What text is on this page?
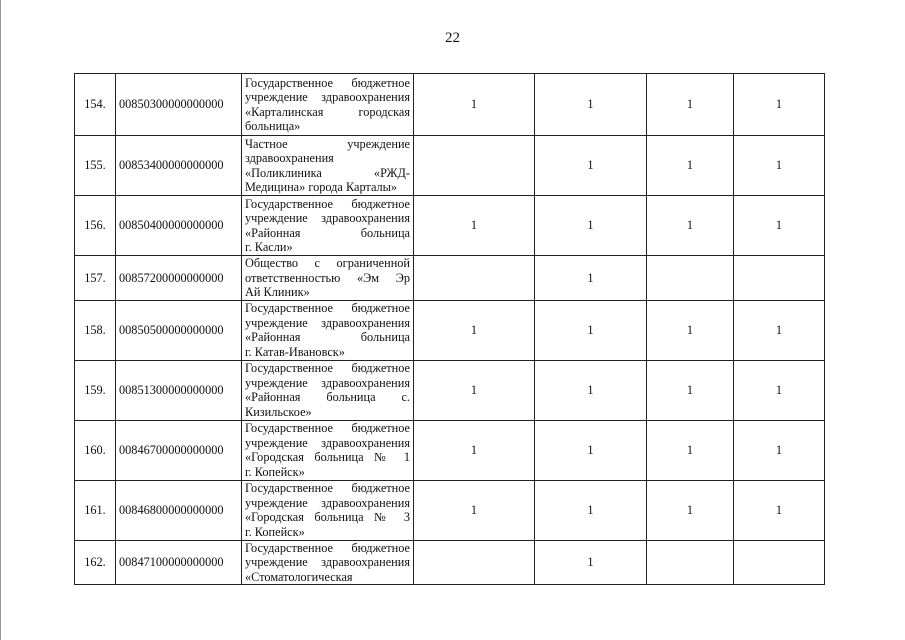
22
154.	00850300000000000	Государственное бюджетное
учреждение здравоохранения
«Карталинская городская
больница»	1	1	1	1
155.	00853400000000000	Частное учреждение
здравоохранения
«Поликлиника «РЖД-
Медицина» города Карталы»		1	1	1
156.	00850400000000000	Государственное бюджетное
учреждение здравоохранения
«Районная больница
г. Касли»	1	1	1	1
157.	00857200000000000	Общество с ограниченной
ответственностью «Эм Эр
Ай Клиник»		1		
158.	00850500000000000	Государственное бюджетное
учреждение здравоохранения
«Районная больница
г. Катав-Ивановск»	1	1	1	1
159.	00851300000000000	Государственное бюджетное
учреждение здравоохранения
«Районная больница с.
Кизильское»	1	1	1	1
160.	00846700000000000	Государственное бюджетное
учреждение здравоохранения
«Городская больница № 1
г. Копейск»	1	1	1	1
161.	00846800000000000	Государственное бюджетное
учреждение здравоохранения
«Городская больница № 3
г. Копейск»	1	1	1	1
162.	00847100000000000	Государственное бюджетное
учреждение здравоохранения
«Стоматологическая		1		
